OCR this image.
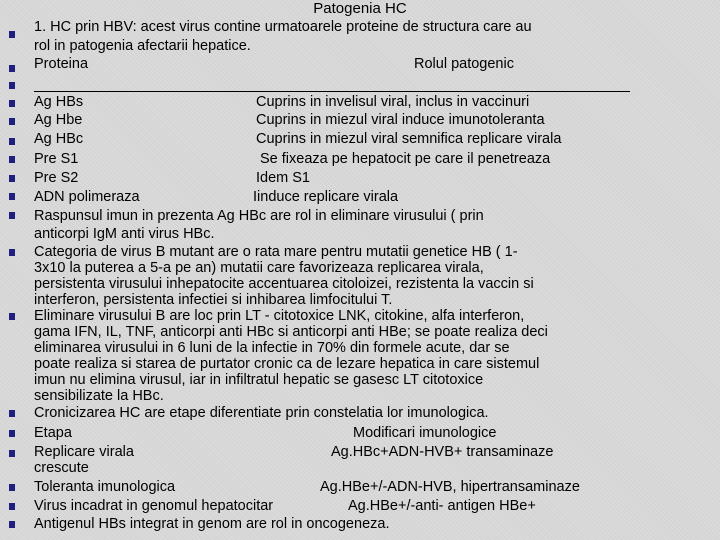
Patogenia HC
1. HC prin HBV: acest virus contine urmatoarele proteine de structura care au
rol in patogenia afectarii hepatice.
Proteina	Rolul patogenic
Ag HBs	Cuprins in invelisul viral, inclus in vaccinuri
Ag Hbe	Cuprins in miezul viral induce imunotoleranta
Ag HBc	Cuprins in miezul viral semnifica replicare virala
Pre S1	Se fixeaza pe hepatocit pe care il penetreaza
Pre S2	Idem S1
ADN polimeraza	Iinduce replicare virala
Raspunsul imun in prezenta Ag HBc are rol in eliminare virusului ( prin
anticorpi IgM anti virus HBc.
Categoria de virus B mutant are o rata mare pentru mutatii genetice HB ( 1-
3x10 la puterea a 5-a pe an) mutatii care favorizeaza replicarea virala,
persistenta virusului inhepatocite accentuarea citoloizei, rezistenta la vaccin si
interferon, persistenta infectiei si inhibarea limfocitului T.
Eliminare virusului B are loc prin LT - citotoxice LNK, citokine, alfa interferon,
gama IFN, IL, TNF, anticorpi anti HBc si anticorpi anti HBe; se poate realiza deci
eliminarea virusului in 6 luni de la infectie in 70% din formele acute, dar se
poate realiza si starea de purtator cronic ca de lezare hepatica in care sistemul
imun nu elimina virusul, iar in infiltratul hepatic se gasesc LT citotoxice
sensibilizate la HBc.
Cronicizarea HC are etape diferentiate prin constelatia lor imunologica.
Etapa	Modificari imunologice
Replicare virala	Ag.HBc+ADN-HVB+ transaminaze
crescute
Toleranta imunologica	Ag.HBe+/-ADN-HVB, hipertransaminaze
Virus incadrat in genomul hepatocitar	Ag.HBe+/-anti- antigen HBe+
Antigenul HBs integrat in genom are rol in oncogeneza.
